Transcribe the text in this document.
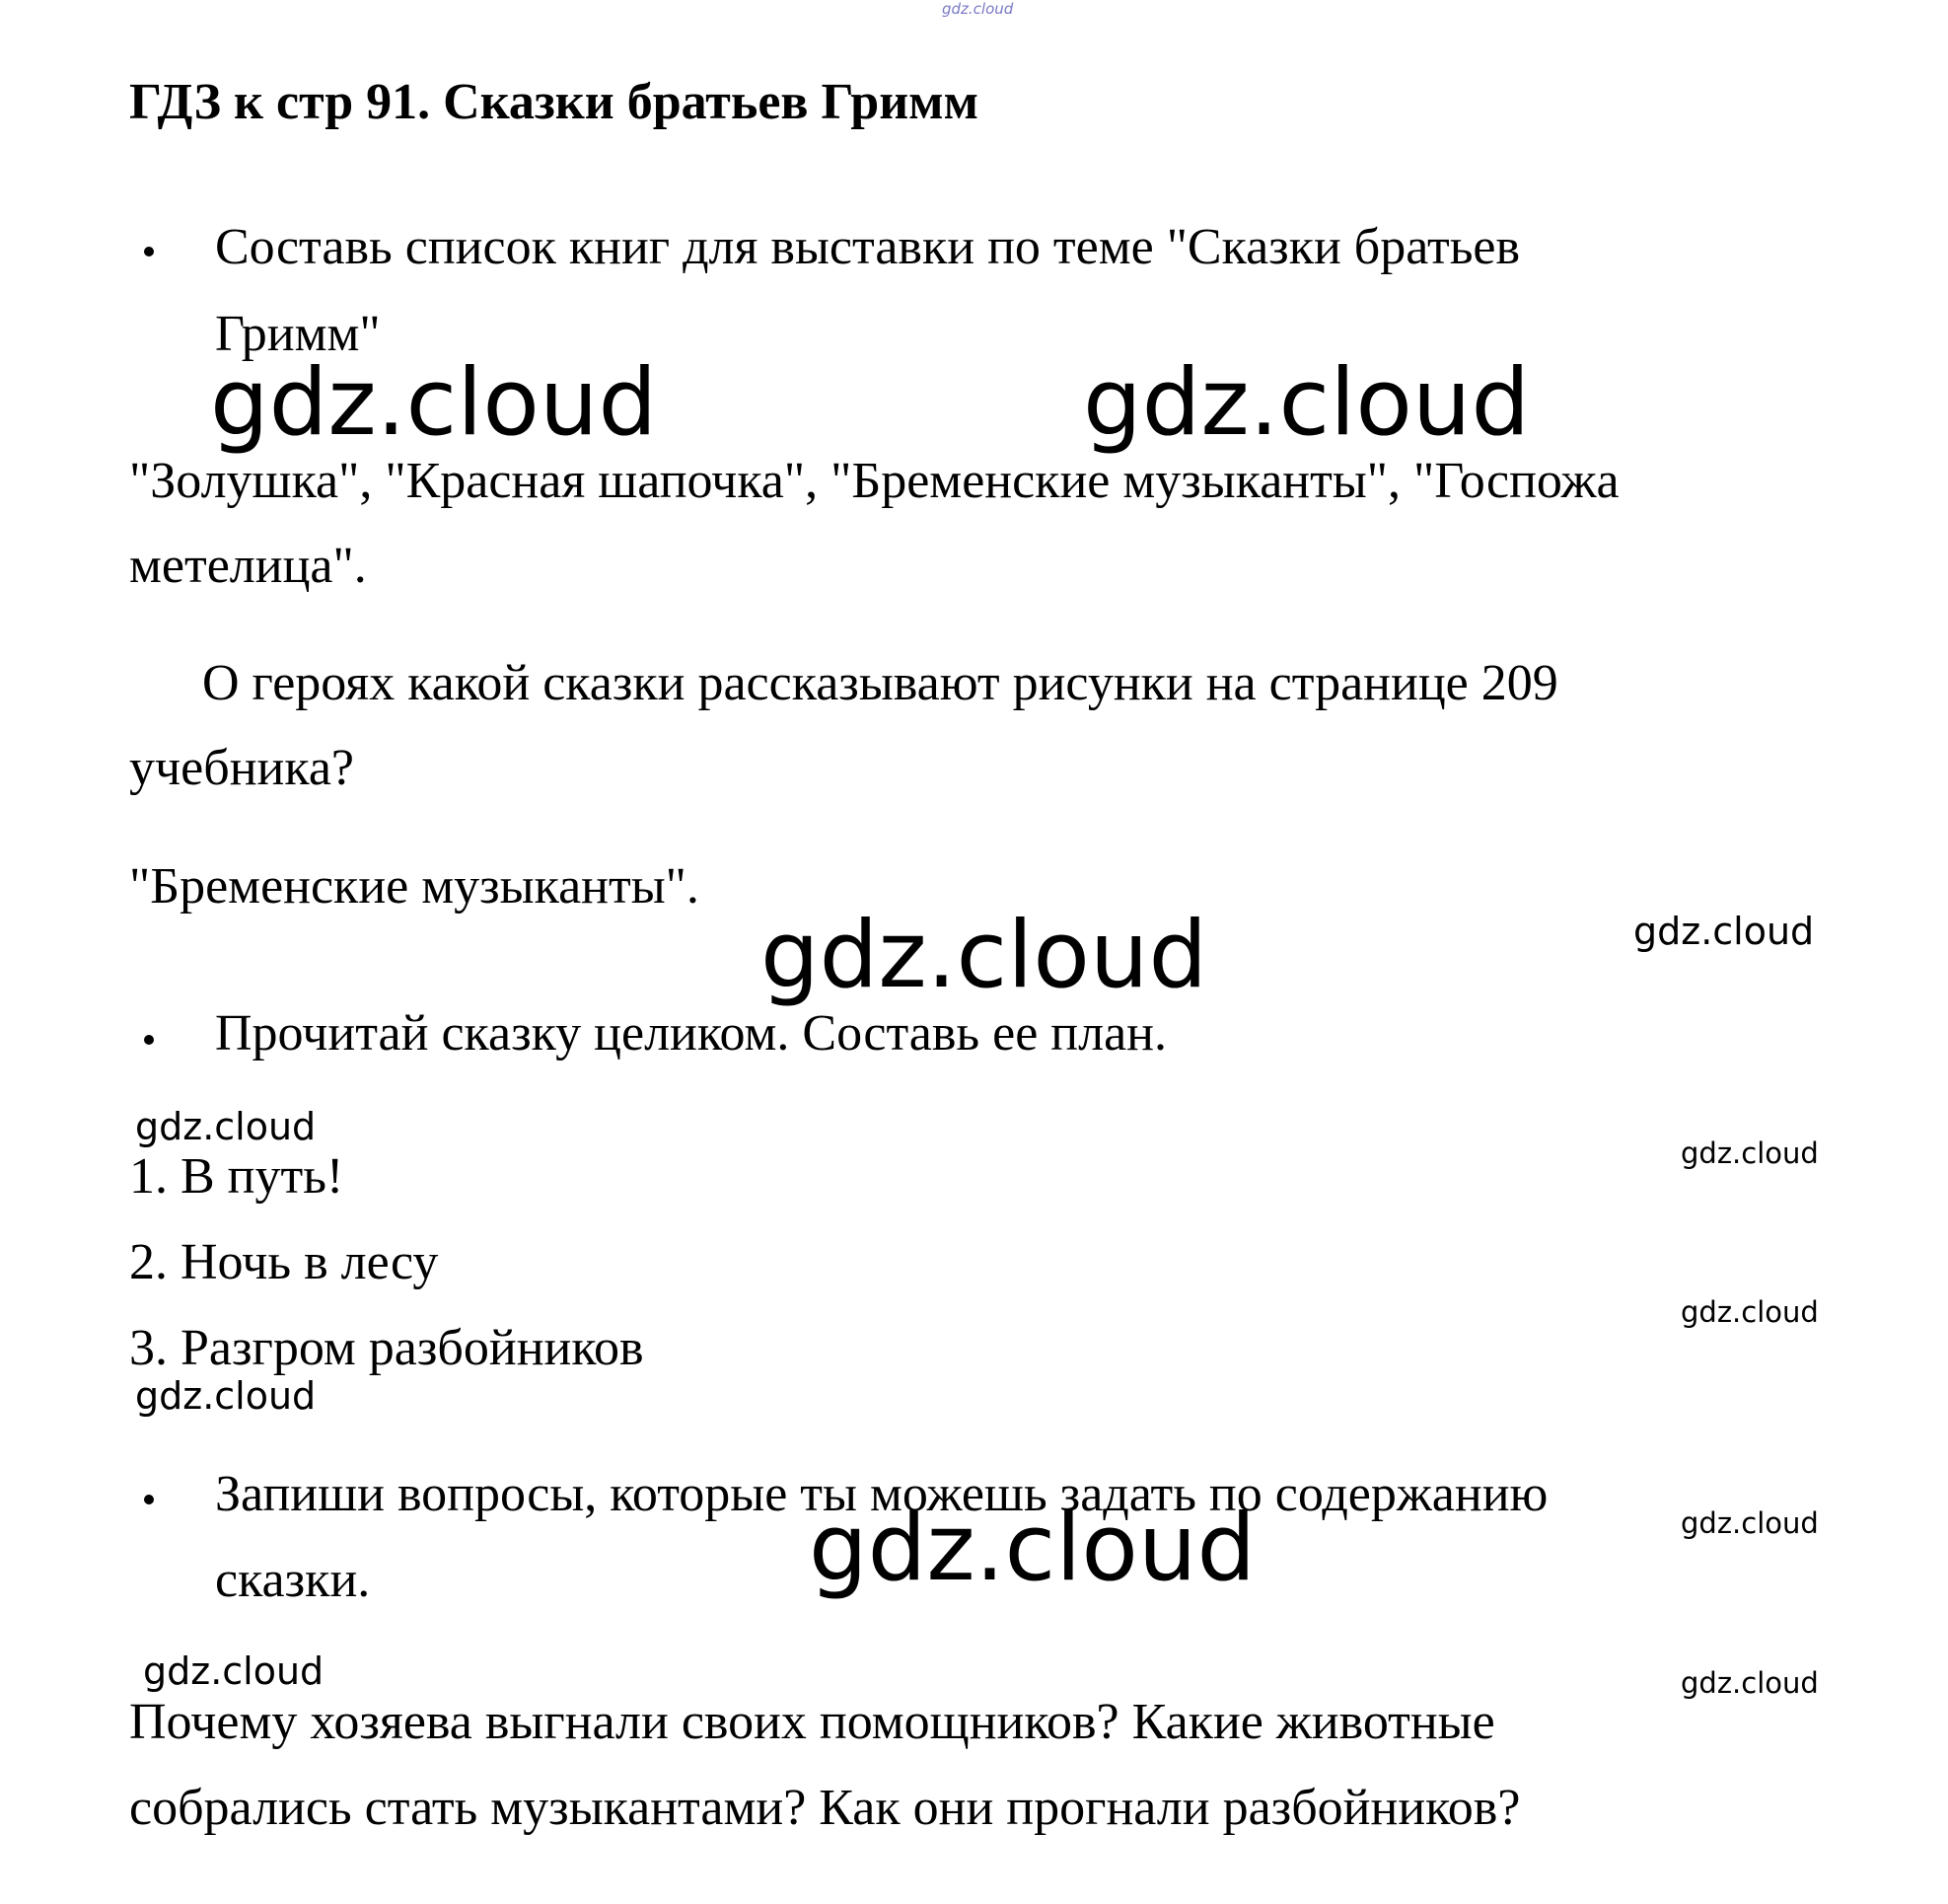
gdz.cloud
ГДЗ к стр 91. Сказки братьев Гримм
Составь список книг для выставки по теме "Сказки братьев
Гримм"
gdz.cloud	gdz.cloud
"Золушка", "Красная шапочка", "Бременские музыканты", "Госпожа
метелица".
О героях какой сказки рассказывают рисунки на странице 209
учебника?
"Бременские музыканты".
gdz.cloud
gdz.cloud
Прочитай сказку целиком. Составь ее план.
gdz.cloud
gdz.cloud
1. В путь!
2. Ночь в лесу
gdz.cloud
3. Разгром разбойников
gdz.cloud
Запиши вопросы, которые ты можешь задать по содержанию
gdz.cloud
gdz.cloud
сказки.
gdz.cloud	gdz.cloud
Почему хозяева выгнали своих помощников? Какие животные
собрались стать музыкантами? Как они прогнали разбойников?
